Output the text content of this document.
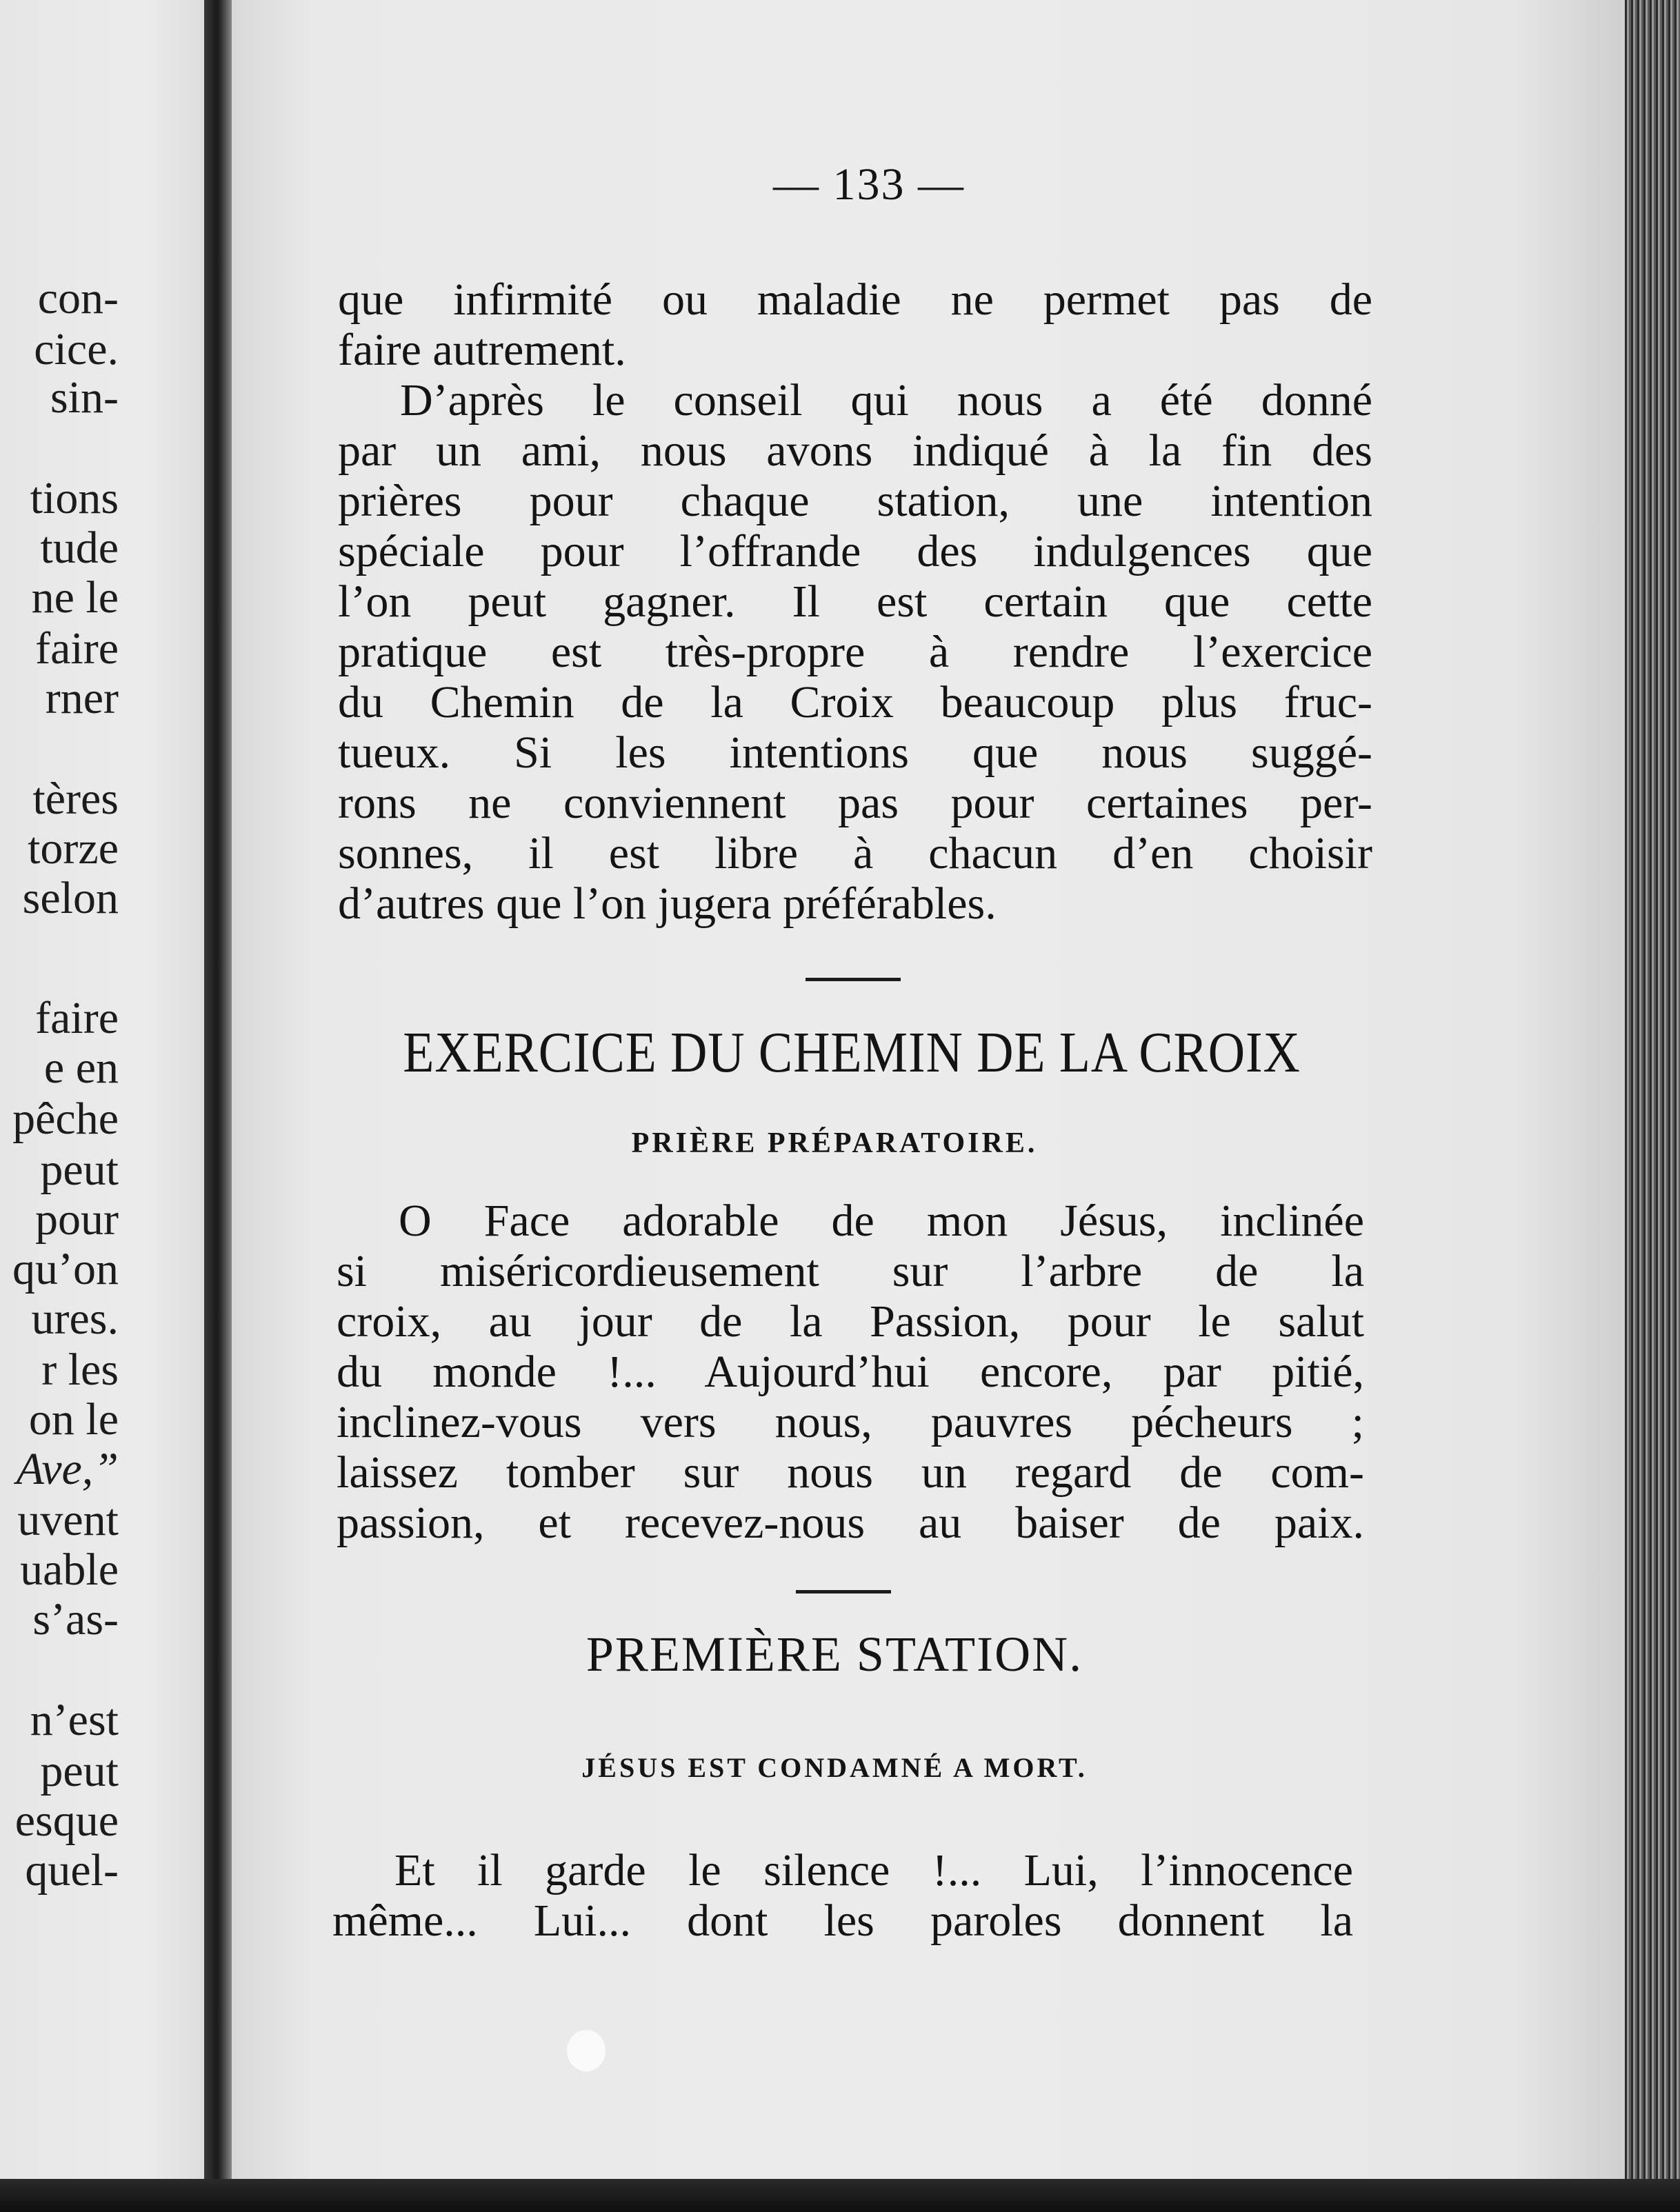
con-
cice.
sin-
tions
tude
ne le
faire
rner
tères
torze
selon
faire
e en
pêche
peut
pour
qu’on
ures.
r les
on le
Ave,”
uvent
uable
s’as-
n’est
peut
esque
quel-
— 133 —
que infirmité ou maladie ne permet pas de
faire autrement.
D’après le conseil qui nous a été donné
par un ami, nous avons indiqué à la fin des
prières pour chaque station, une intention
spéciale pour l’offrande des indulgences que
l’on peut gagner. Il est certain que cette
pratique est très-propre à rendre l’exercice
du Chemin de la Croix beaucoup plus fruc-
tueux. Si les intentions que nous suggé-
rons ne conviennent pas pour certaines per-
sonnes, il est libre à chacun d’en choisir
d’autres que l’on jugera préférables.
EXERCICE DU CHEMIN DE LA CROIX
PRIÈRE PRÉPARATOIRE.
O Face adorable de mon Jésus, inclinée
si miséricordieusement sur l’arbre de la
croix, au jour de la Passion, pour le salut
du monde !... Aujourd’hui encore, par pitié,
inclinez-vous vers nous, pauvres pécheurs ;
laissez tomber sur nous un regard de com-
passion, et recevez-nous au baiser de paix.
PREMIÈRE STATION.
JÉSUS EST CONDAMNÉ A MORT.
Et il garde le silence !... Lui, l’innocence
même... Lui... dont les paroles donnent la
